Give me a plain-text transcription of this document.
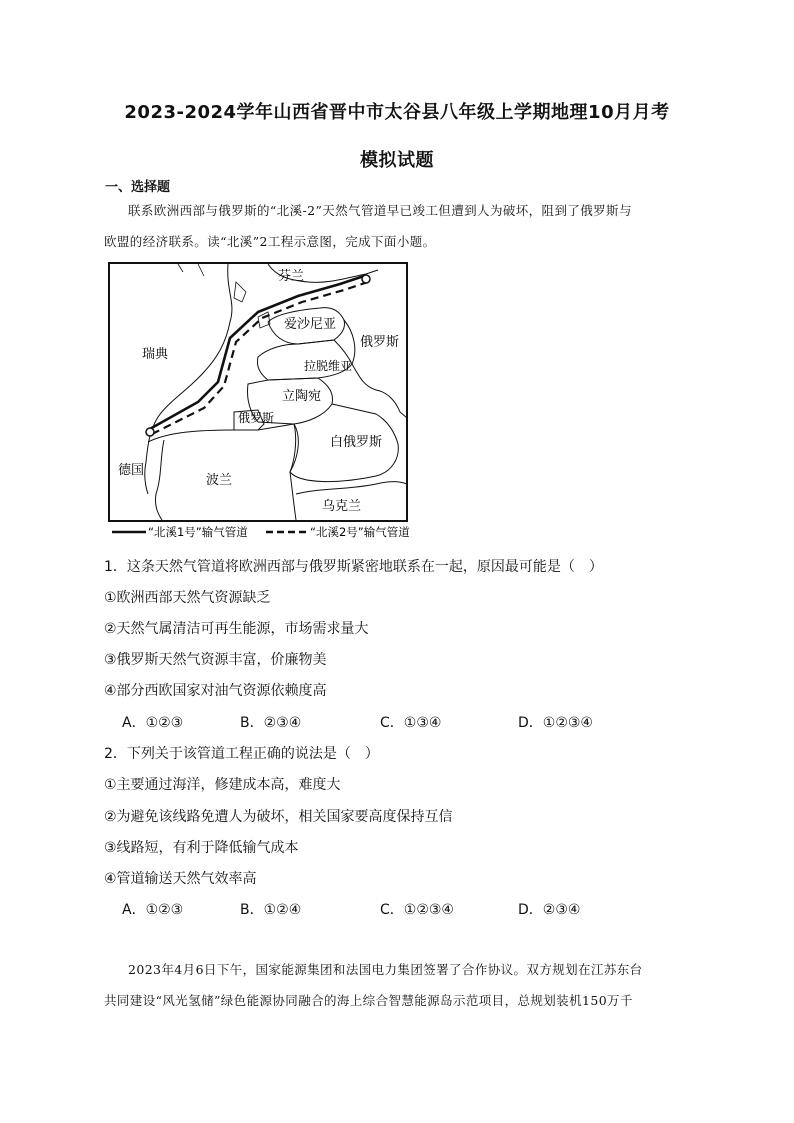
2023-2024学年山西省晋中市太谷县八年级上学期地理10月月考
模拟试题
一、选择题
联系欧洲西部与俄罗斯的“北溪-2”天然气管道早已竣工但遭到人为破坏，阻到了俄罗斯与
欧盟的经济联系。读“北溪”2工程示意图，完成下面小题。
芬兰
爱沙尼亚
瑞典
俄罗斯
拉脱维亚
立陶宛
俄罗斯
德国
白俄罗斯
波兰
乌克兰
“北溪1号”输气管道	“北溪2号”输气管道
1．这条天然气管道将欧洲西部与俄罗斯紧密地联系在一起，原因最可能是（　）
①欧洲西部天然气资源缺乏
②天然气属清洁可再生能源，市场需求量大
③俄罗斯天然气资源丰富，价廉物美
④部分西欧国家对油气资源依赖度高
A．①②③	B．②③④	C．①③④	D．①②③④
2．下列关于该管道工程正确的说法是（　）
①主要通过海洋，修建成本高，难度大
②为避免该线路免遭人为破坏，相关国家要高度保持互信
③线路短，有利于降低输气成本
④管道输送天然气效率高
A．①②③	B．①②④	C．①②③④	D．②③④
2023年4月6日下午，国家能源集团和法国电力集团签署了合作协议。双方规划在江苏东台
共同建设“风光氢储”绿色能源协同融合的海上综合智慧能源岛示范项目，总规划装机150万千
